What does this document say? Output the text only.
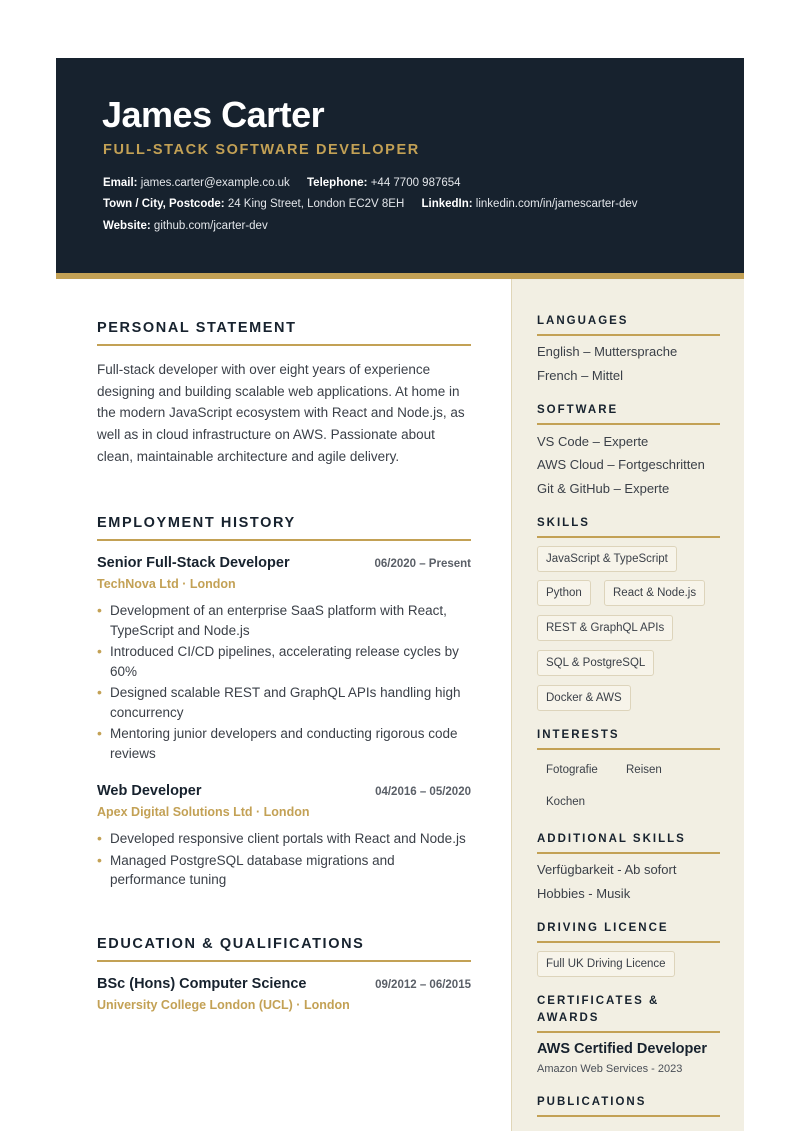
James Carter
FULL-STACK SOFTWARE DEVELOPER
Email: james.carter@example.co.uk Telephone: +44 7700 987654
Town / City, Postcode: 24 King Street, London EC2V 8EH LinkedIn: linkedin.com/in/jamescarter-dev
Website: github.com/jcarter-dev
PERSONAL STATEMENT
Full-stack developer with over eight years of experience designing and building scalable web applications. At home in the modern JavaScript ecosystem with React and Node.js, as well as in cloud infrastructure on AWS. Passionate about clean, maintainable architecture and agile delivery.
EMPLOYMENT HISTORY
Senior Full-Stack Developer	06/2020 – Present
TechNova Ltd · London
• Development of an enterprise SaaS platform with React, TypeScript and Node.js
• Introduced CI/CD pipelines, accelerating release cycles by 60%
• Designed scalable REST and GraphQL APIs handling high concurrency
• Mentoring junior developers and conducting rigorous code reviews
Web Developer	04/2016 – 05/2020
Apex Digital Solutions Ltd · London
• Developed responsive client portals with React and Node.js
• Managed PostgreSQL database migrations and performance tuning
EDUCATION & QUALIFICATIONS
BSc (Hons) Computer Science	09/2012 – 06/2015
University College London (UCL) · London
LANGUAGES
English – Muttersprache
French – Mittel
SOFTWARE
VS Code – Experte
AWS Cloud – Fortgeschritten
Git & GitHub – Experte
SKILLS
JavaScript & TypeScript
Python	React & Node.js
REST & GraphQL APIs
SQL & PostgreSQL
Docker & AWS
INTERESTS
Fotografie	Reisen
Kochen
ADDITIONAL SKILLS
Verfügbarkeit - Ab sofort
Hobbies - Musik
DRIVING LICENCE
Full UK Driving Licence
CERTIFICATES &
AWARDS
AWS Certified Developer
Amazon Web Services - 2023
PUBLICATIONS
